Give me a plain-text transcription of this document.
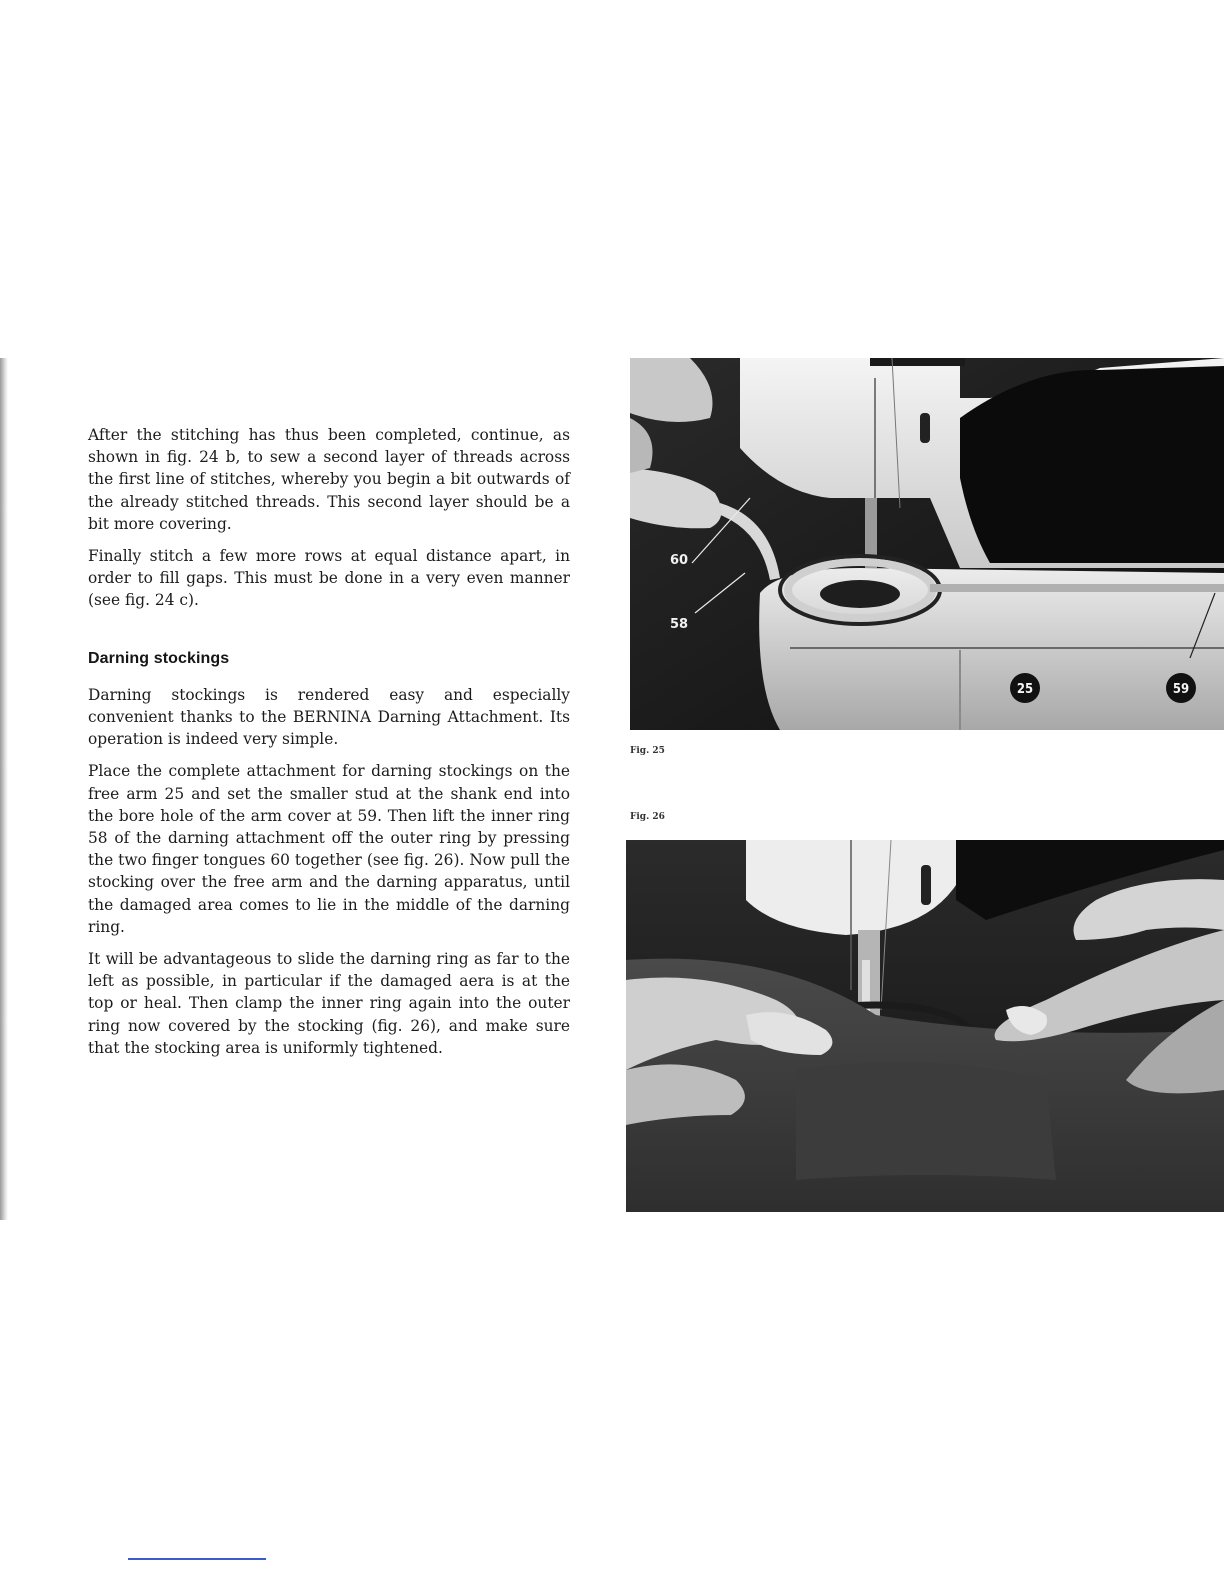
After the stitching has thus been completed, continue, as shown in fig. 24 b, to sew a second layer of threads across the first line of stitches, whereby you begin a bit outwards of the already stitched threads. This second layer should be a bit more covering.

Finally stitch a few more rows at equal distance apart, in order to fill gaps. This must be done in a very even manner (see fig. 24 c).

Darning stockings

Darning stockings is rendered easy and especially convenient thanks to the BERNINA Darning Attachment. Its operation is indeed very simple.

Place the complete attachment for darning stockings on the free arm 25 and set the smaller stud at the shank end into the bore hole of the arm cover at 59. Then lift the inner ring 58 of the darning attachment off the outer ring by pressing the two finger tongues 60 together (see fig. 26). Now pull the stocking over the free arm and the darning apparatus, until the damaged area comes to lie in the middle of the darning ring.

It will be advantageous to slide the darning ring as far to the left as possible, in particular if the damaged aera is at the top or heal. Then clamp the inner ring again into the outer ring now covered by the stocking (fig. 26), and make sure that the stocking area is uniformly tightened.

60
58
25	59
Fig. 25
Fig. 26
